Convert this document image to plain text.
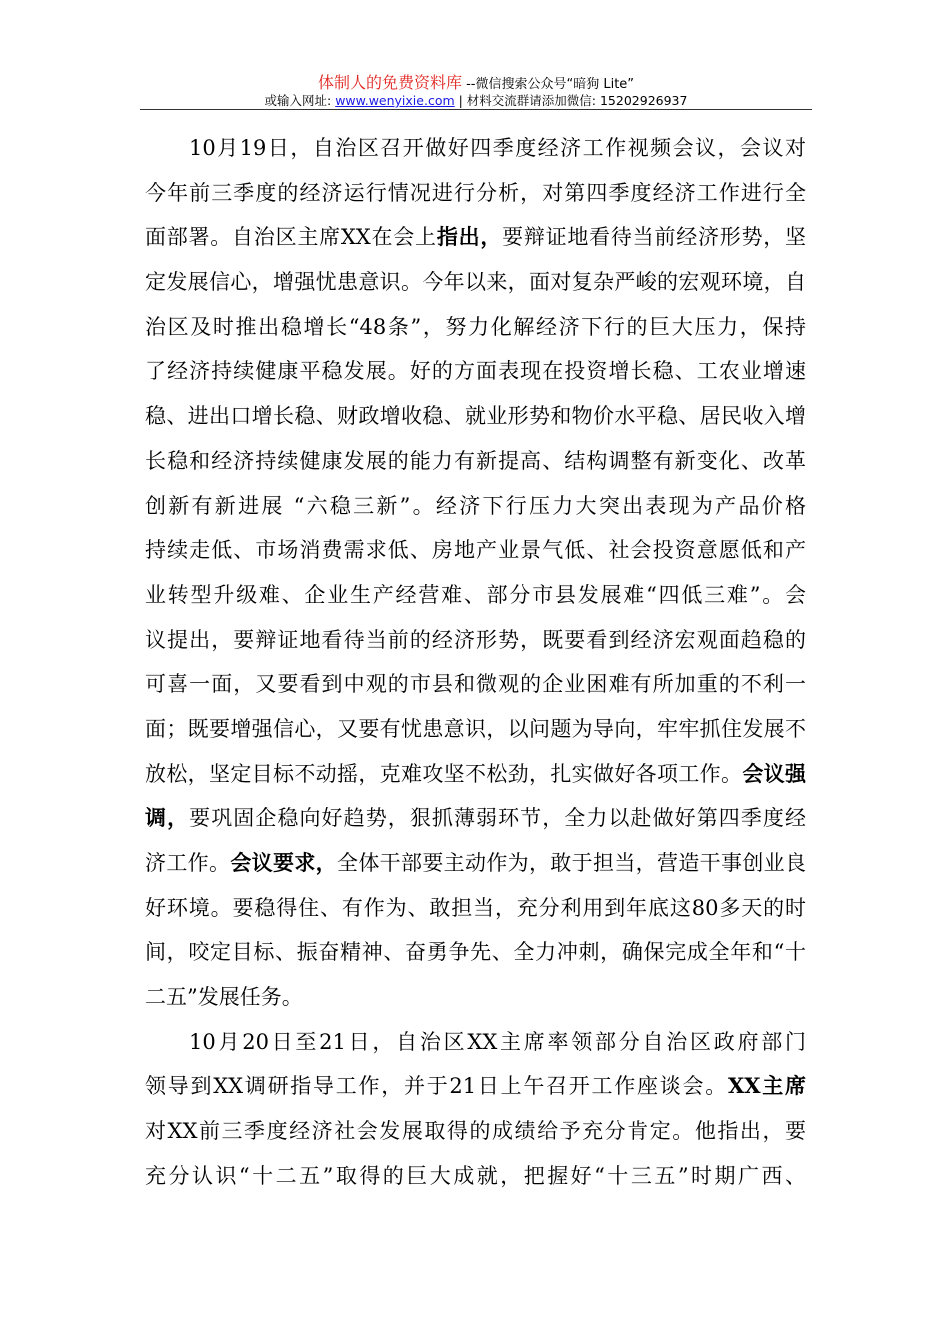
体制人的免费资料库 --微信搜索公众号“暗狗 Lite”
或输入网址: www.wenyixie.com | 材料交流群请添加微信: 15202926937
10月19日，自治区召开做好四季度经济工作视频会议，会议对
今年前三季度的经济运行情况进行分析，对第四季度经济工作进行全
面部署。自治区主席XX在会上指出，要辩证地看待当前经济形势，坚
定发展信心，增强忧患意识。今年以来，面对复杂严峻的宏观环境，自
治区及时推出稳增长“48条”，努力化解经济下行的巨大压力，保持
了经济持续健康平稳发展。好的方面表现在投资增长稳、工农业增速
稳、进出口增长稳、财政增收稳、就业形势和物价水平稳、居民收入增
长稳和经济持续健康发展的能力有新提高、结构调整有新变化、改革
创新有新进展 “六稳三新”。经济下行压力大突出表现为产品价格
持续走低、市场消费需求低、房地产业景气低、社会投资意愿低和产
业转型升级难、企业生产经营难、部分市县发展难“四低三难”。会
议提出，要辩证地看待当前的经济形势，既要看到经济宏观面趋稳的
可喜一面，又要看到中观的市县和微观的企业困难有所加重的不利一
面；既要增强信心，又要有忧患意识，以问题为导向，牢牢抓住发展不
放松，坚定目标不动摇，克难攻坚不松劲，扎实做好各项工作。会议强
调，要巩固企稳向好趋势，狠抓薄弱环节，全力以赴做好第四季度经
济工作。会议要求，全体干部要主动作为，敢于担当，营造干事创业良
好环境。要稳得住、有作为、敢担当，充分利用到年底这80多天的时
间，咬定目标、振奋精神、奋勇争先、全力冲刺，确保完成全年和“十
二五”发展任务。
10月20日至21日，自治区XX主席率领部分自治区政府部门
领导到XX调研指导工作，并于21日上午召开工作座谈会。XX主席
对XX前三季度经济社会发展取得的成绩给予充分肯定。他指出，要
充分认识“十二五”取得的巨大成就，把握好“十三五”时期广西、
